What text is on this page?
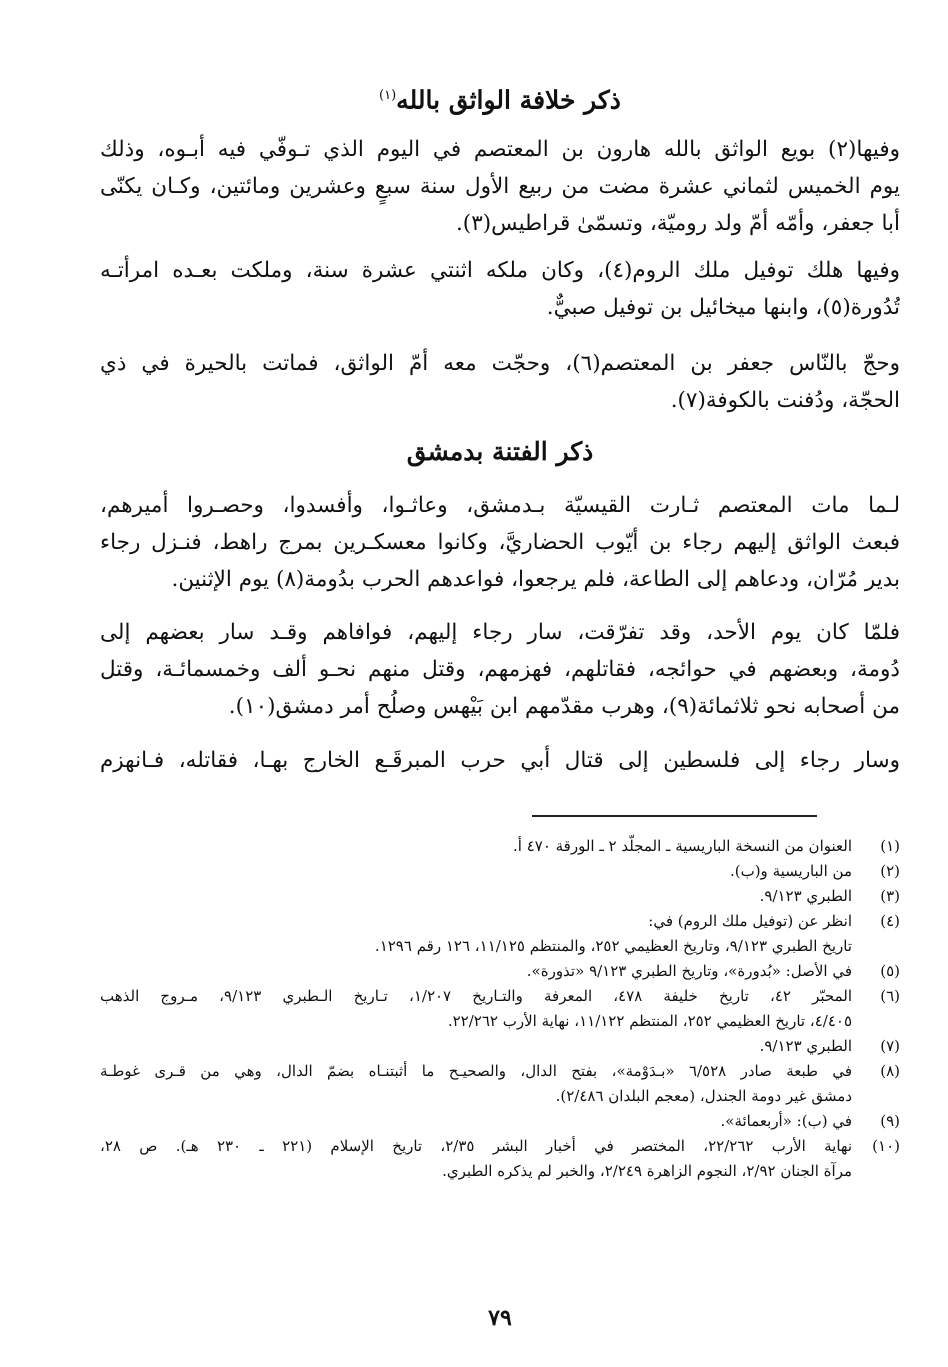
ذكر خلافة الواثق بالله$^{(١)}$
وفيها(٢) بويع الواثق بالله هارون بن المعتصم في اليوم الذي تـوفّي فيه أبـوه، وذلك
يوم الخميس لثماني عشرة مضت من ربيع الأول سنة سبعٍ وعشرين ومائتين، وكـان يكنّى
أبا جعفر، وأمّه أمّ ولد روميّة، وتسمّىٰ قراطيس(٣).
وفيها هلك توفيل ملك الروم(٤)، وكان ملكه اثنتي عشرة سنة، وملكت بعـده امرأتـه
تُدُورة(٥)، وابنها ميخائيل بن توفيل صبيٌّ.
وحجّ بالنّاس جعفر بن المعتصم(٦)، وحجّت معه أمّ الواثق، فماتت بالحيرة في ذي
الحجّة، ودُفنت بالكوفة(٧).
ذكر الفتنة بدمشق
لـما مات المعتصم ثـارت القيسيّة بـدمشق، وعاثـوا، وأفسدوا، وحصـروا أميرهم،
فبعث الواثق إليهم رجاء بن أيّوب الحضاريَّ، وكانوا معسكـرين بمرج راهط، فنـزل رجاء
بدير مُرّان، ودعاهم إلى الطاعة، فلم يرجعوا، فواعدهم الحرب بدُومة(٨) يوم الإثنين.
فلمّا كان يوم الأحد، وقد تفرّقت، سار رجاء إليهم، فوافاهم وقـد سار بعضهم إلى
دُومة، وبعضهم في حوائجه، فقاتلهم، فهزمهم، وقتل منهم نحـو ألف وخمسمائـة، وقتل
من أصحابه نحو ثلاثمائة(٩)، وهرب مقدّمهم ابن بَيْهس وصلُح أمر دمشق(١٠).
وسار رجاء إلى فلسطين إلى قتال أبي حرب المبرقَـع الخارج بهـا، فقاتله، فـانهزم
(١)
العنوان من النسخة الباريسية ـ المجلّد ٢ ـ الورقة ٤٧٠ أ.
(٢)
من الباريسية و(ب).
(٣)
الطبري ٩/١٢٣.
(٤)
انظر عن (توفيل ملك الروم) في:
تاريخ الطبري ٩/١٢٣، وتاريخ العظيمي ٢٥٢، والمنتظم ١١/١٢٥، ١٢٦ رقم ١٢٩٦.
(٥)
في الأصل: «بُدورة»، وتاريخ الطبري ٩/١٢٣ «تذورة».
(٦)
المحبّر ٤٢، تاريخ خليفة ٤٧٨، المعرفة والتـاريخ ١/٢٠٧، تـاريخ الـطبري ٩/١٢٣، مـروج الذهب
٤/٤٠٥، تاريخ العظيمي ٢٥٢، المنتظم ١١/١٢٢، نهاية الأرب ٢٢/٢٦٢.
(٧)
الطبري ٩/١٢٣.
(٨)
في طبعة صادر ٦/٥٢٨ «بـدَوْمة»، بفتح الدال، والصحيـح ما أثبتنـاه بضمّ الدال، وهي من قـرى غوطـة
دمشق غير دومة الجندل، (معجم البلدان ٢/٤٨٦).
(٩)
في (ب): «أربعمائة».
(١٠)
نهاية الأرب ٢٢/٢٦٢، المختصر في أخبار البشر ٢/٣٥، تاريخ الإسلام (٢٢١ ـ ٢٣٠ هـ). ص ٢٨،
مرآة الجنان ٢/٩٢، النجوم الزاهرة ٢/٢٤٩، والخبر لم يذكره الطبري.
٧٩
